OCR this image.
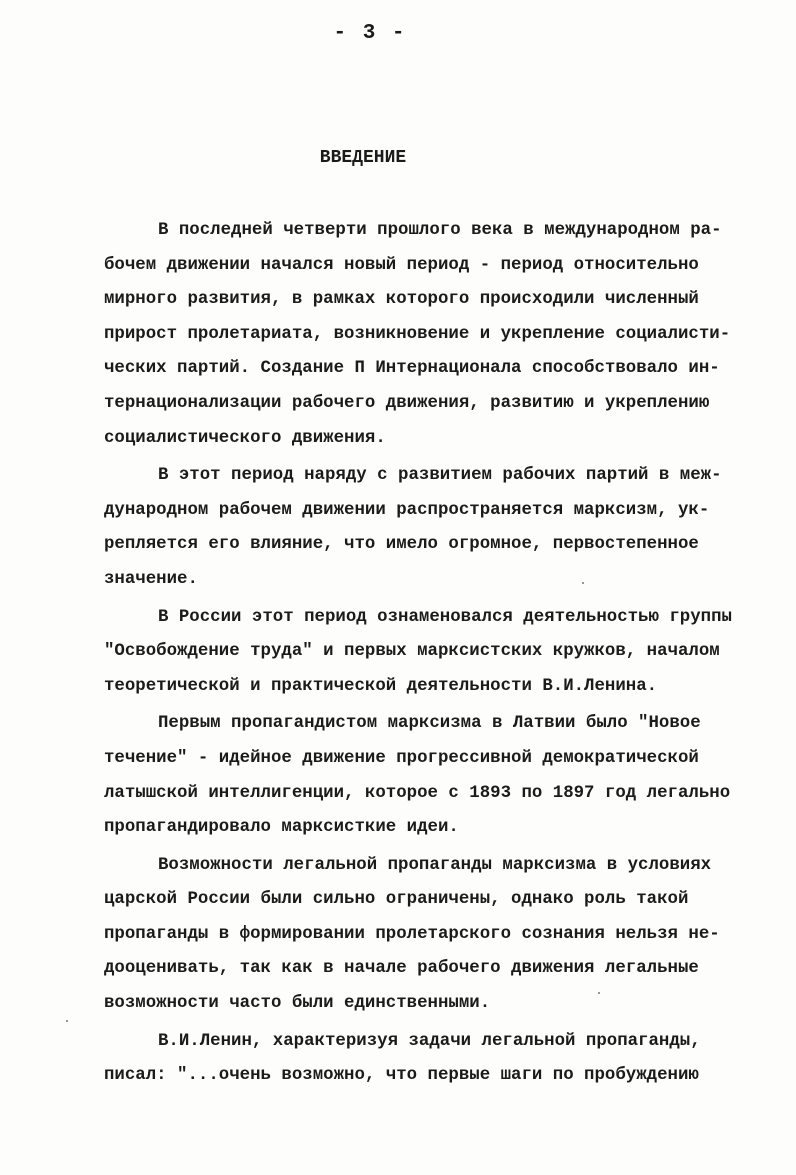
- 3 -
ВВЕДЕНИЕ
В последней четверти прошлого века в международном ра-
бочем движении начался новый период - период относительно
мирного развития, в рамках которого происходили численный
прирост пролетариата, возникновение и укрепление социалисти-
ческих партий. Создание П Интернационала способствовало ин-
тернационализации рабочего движения, развитию и укреплению
социалистического движения.
В этот период наряду с развитием рабочих партий в меж-
дународном рабочем движении распространяется марксизм, ук-
репляется его влияние, что имело огромное, первостепенное
значение.
В России этот период ознаменовался деятельностью группы
"Освобождение труда" и первых марксистских кружков, началом
теоретической и практической деятельности В.И.Ленина.
Первым пропагандистом марксизма в Латвии было "Новое
течение" - идейное движение прогрессивной демократической
латышской интеллигенции, которое с 1893 по 1897 год легально
пропагандировало марксисткие идеи.
Возможности легальной пропаганды марксизма в условиях
царской России были сильно ограничены, однако роль такой
пропаганды в формировании пролетарского сознания нельзя не-
дооценивать, так как в начале рабочего движения легальные
возможности часто были единственными.
В.И.Ленин, характеризуя задачи легальной пропаганды,
писал: "...очень возможно, что первые шаги по пробуждению
